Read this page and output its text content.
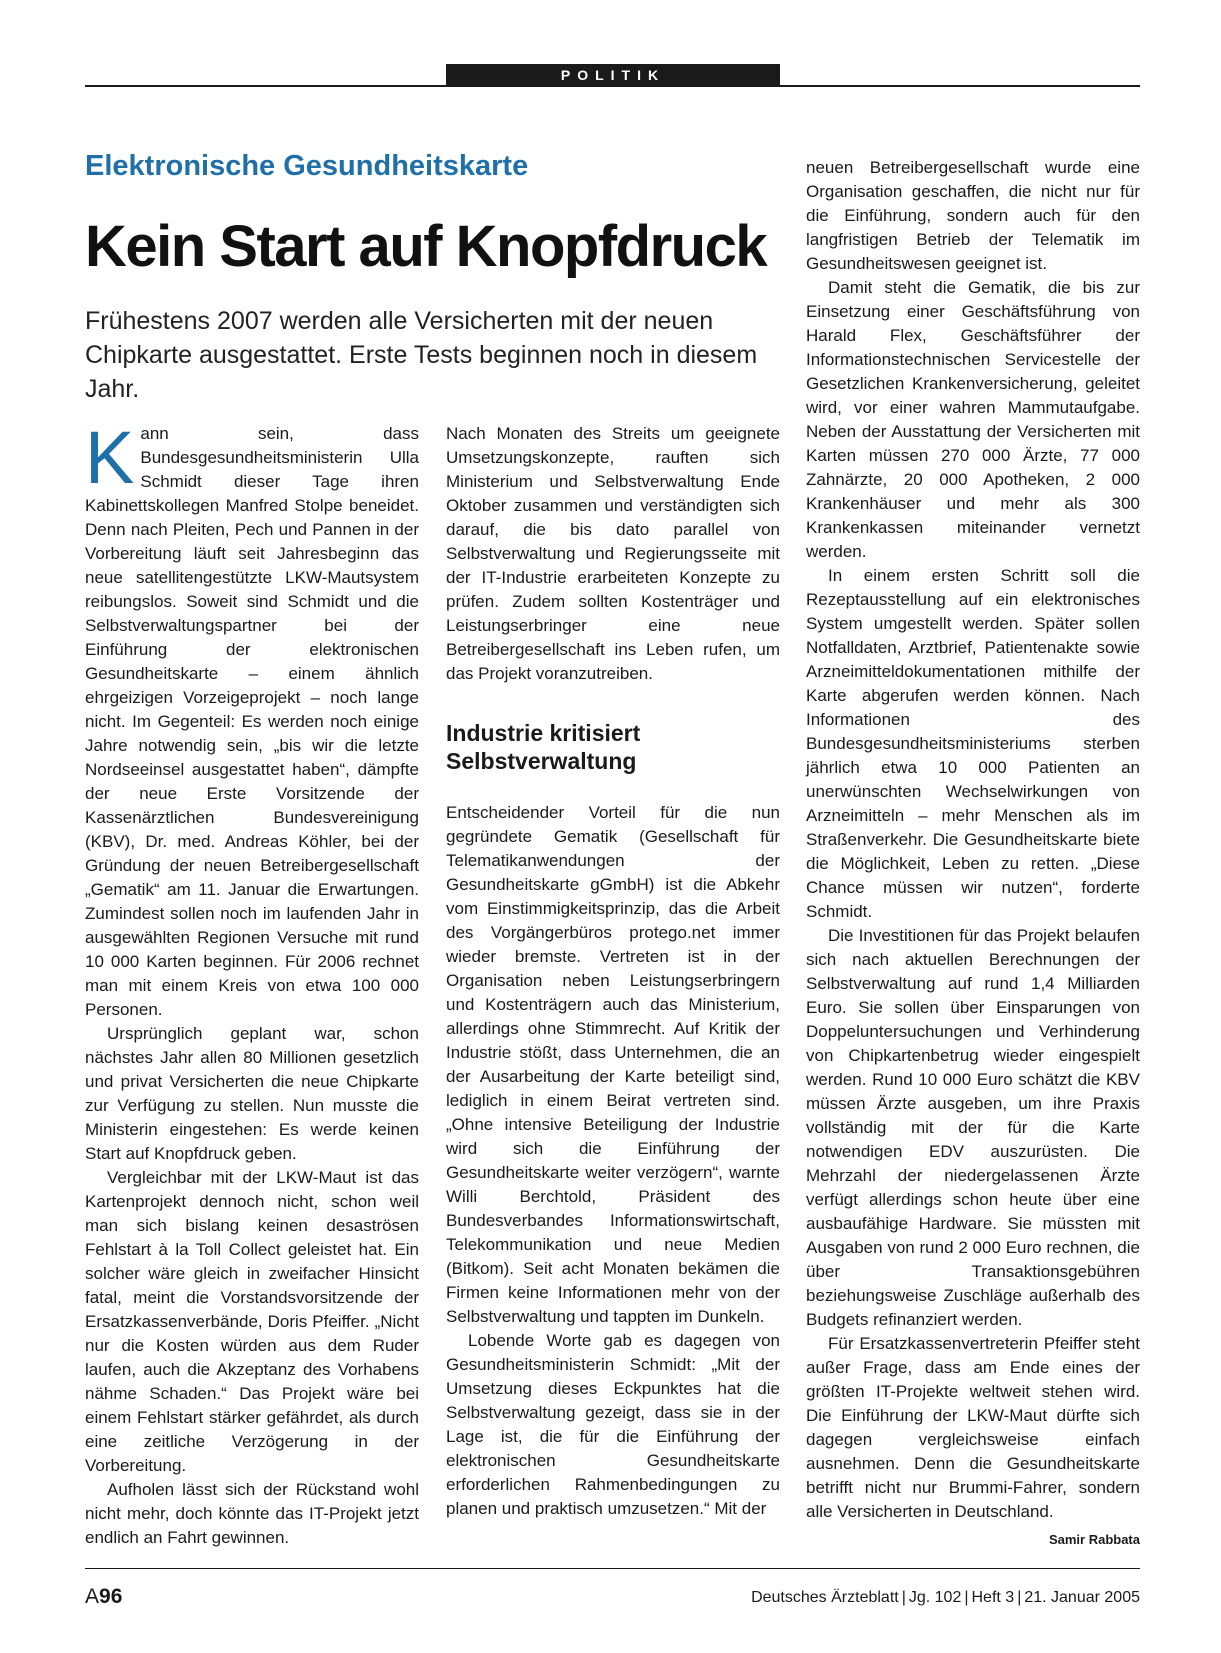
POLITIK
Elektronische Gesundheitskarte
Kein Start auf Knopfdruck
Frühestens 2007 werden alle Versicherten mit der neuen Chipkarte ausgestattet. Erste Tests beginnen noch in diesem Jahr.

Kann sein, dass Bundesgesundheitsministerin Ulla Schmidt dieser Tage ihren Kabinettskollegen Manfred Stolpe beneidet. Denn nach Pleiten, Pech und Pannen in der Vorbereitung läuft seit Jahresbeginn das neue satellitengestützte LKW-Mautsystem reibungslos. Soweit sind Schmidt und die Selbstverwaltungspartner bei der Einführung der elektronischen Gesundheitskarte – einem ähnlich ehrgeizigen Vorzeigeprojekt – noch lange nicht. Im Gegenteil: Es werden noch einige Jahre notwendig sein, „bis wir die letzte Nordseeinsel ausgestattet haben“, dämpfte der neue Erste Vorsitzende der Kassenärztlichen Bundesvereinigung (KBV), Dr. med. Andreas Köhler, bei der Gründung der neuen Betreibergesellschaft „Gematik“ am 11. Januar die Erwartungen. Zumindest sollen noch im laufenden Jahr in ausgewählten Regionen Versuche mit rund 10 000 Karten beginnen. Für 2006 rechnet man mit einem Kreis von etwa 100 000 Personen.

Ursprünglich geplant war, schon nächstes Jahr allen 80 Millionen gesetzlich und privat Versicherten die neue Chipkarte zur Verfügung zu stellen. Nun musste die Ministerin eingestehen: Es werde keinen Start auf Knopfdruck geben.

Vergleichbar mit der LKW-Maut ist das Kartenprojekt dennoch nicht, schon weil man sich bislang keinen desaströsen Fehlstart à la Toll Collect geleistet hat. Ein solcher wäre gleich in zweifacher Hinsicht fatal, meint die Vorstandsvorsitzende der Ersatzkassenverbände, Doris Pfeiffer. „Nicht nur die Kosten würden aus dem Ruder laufen, auch die Akzeptanz des Vorhabens nähme Schaden.“ Das Projekt wäre bei einem Fehlstart stärker gefährdet, als durch eine zeitliche Verzögerung in der Vorbereitung.

Aufholen lässt sich der Rückstand wohl nicht mehr, doch könnte das IT-Projekt jetzt endlich an Fahrt gewinnen.

Nach Monaten des Streits um geeignete Umsetzungskonzepte, rauften sich Ministerium und Selbstverwaltung Ende Oktober zusammen und verständigten sich darauf, die bis dato parallel von Selbstverwaltung und Regierungsseite mit der IT-Industrie erarbeiteten Konzepte zu prüfen. Zudem sollten Kostenträger und Leistungserbringer eine neue Betreibergesellschaft ins Leben rufen, um das Projekt voranzutreiben.

Industrie kritisiert Selbstverwaltung

Entscheidender Vorteil für die nun gegründete Gematik (Gesellschaft für Telematikanwendungen der Gesundheitskarte gGmbH) ist die Abkehr vom Einstimmigkeitsprinzip, das die Arbeit des Vorgängerbüros protego.net immer wieder bremste. Vertreten ist in der Organisation neben Leistungserbringern und Kostenträgern auch das Ministerium, allerdings ohne Stimmrecht. Auf Kritik der Industrie stößt, dass Unternehmen, die an der Ausarbeitung der Karte beteiligt sind, lediglich in einem Beirat vertreten sind. „Ohne intensive Beteiligung der Industrie wird sich die Einführung der Gesundheitskarte weiter verzögern“, warnte Willi Berchtold, Präsident des Bundesverbandes Informationswirtschaft, Telekommunikation und neue Medien (Bitkom). Seit acht Monaten bekämen die Firmen keine Informationen mehr von der Selbstverwaltung und tappten im Dunkeln.

Lobende Worte gab es dagegen von Gesundheitsministerin Schmidt: „Mit der Umsetzung dieses Eckpunktes hat die Selbstverwaltung gezeigt, dass sie in der Lage ist, die für die Einführung der elektronischen Gesundheitskarte erforderlichen Rahmenbedingungen zu planen und praktisch umzusetzen.“ Mit der

neuen Betreibergesellschaft wurde eine Organisation geschaffen, die nicht nur für die Einführung, sondern auch für den langfristigen Betrieb der Telematik im Gesundheitswesen geeignet ist.

Damit steht die Gematik, die bis zur Einsetzung einer Geschäftsführung von Harald Flex, Geschäftsführer der Informationstechnischen Servicestelle der Gesetzlichen Krankenversicherung, geleitet wird, vor einer wahren Mammutaufgabe. Neben der Ausstattung der Versicherten mit Karten müssen 270 000 Ärzte, 77 000 Zahnärzte, 20 000 Apotheken, 2 000 Krankenhäuser und mehr als 300 Krankenkassen miteinander vernetzt werden.

In einem ersten Schritt soll die Rezeptausstellung auf ein elektronisches System umgestellt werden. Später sollen Notfalldaten, Arztbrief, Patientenakte sowie Arzneimitteldokumentationen mithilfe der Karte abgerufen werden können. Nach Informationen des Bundesgesundheitsministeriums sterben jährlich etwa 10 000 Patienten an unerwünschten Wechselwirkungen von Arzneimitteln – mehr Menschen als im Straßenverkehr. Die Gesundheitskarte biete die Möglichkeit, Leben zu retten. „Diese Chance müssen wir nutzen“, forderte Schmidt.

Die Investitionen für das Projekt belaufen sich nach aktuellen Berechnungen der Selbstverwaltung auf rund 1,4 Milliarden Euro. Sie sollen über Einsparungen von Doppeluntersuchungen und Verhinderung von Chipkartenbetrug wieder eingespielt werden. Rund 10 000 Euro schätzt die KBV müssen Ärzte ausgeben, um ihre Praxis vollständig mit der für die Karte notwendigen EDV auszurüsten. Die Mehrzahl der niedergelassenen Ärzte verfügt allerdings schon heute über eine ausbaufähige Hardware. Sie müssten mit Ausgaben von rund 2 000 Euro rechnen, die über Transaktionsgebühren beziehungsweise Zuschläge außerhalb des Budgets refinanziert werden.

Für Ersatzkassenvertreterin Pfeiffer steht außer Frage, dass am Ende eines der größten IT-Projekte weltweit stehen wird. Die Einführung der LKW-Maut dürfte sich dagegen vergleichsweise einfach ausnehmen. Denn die Gesundheitskarte betrifft nicht nur Brummi-Fahrer, sondern alle Versicherten in Deutschland.
Samir Rabbata

A96	Deutsches Ärzteblatt | Jg. 102 | Heft 3 | 21. Januar 2005
